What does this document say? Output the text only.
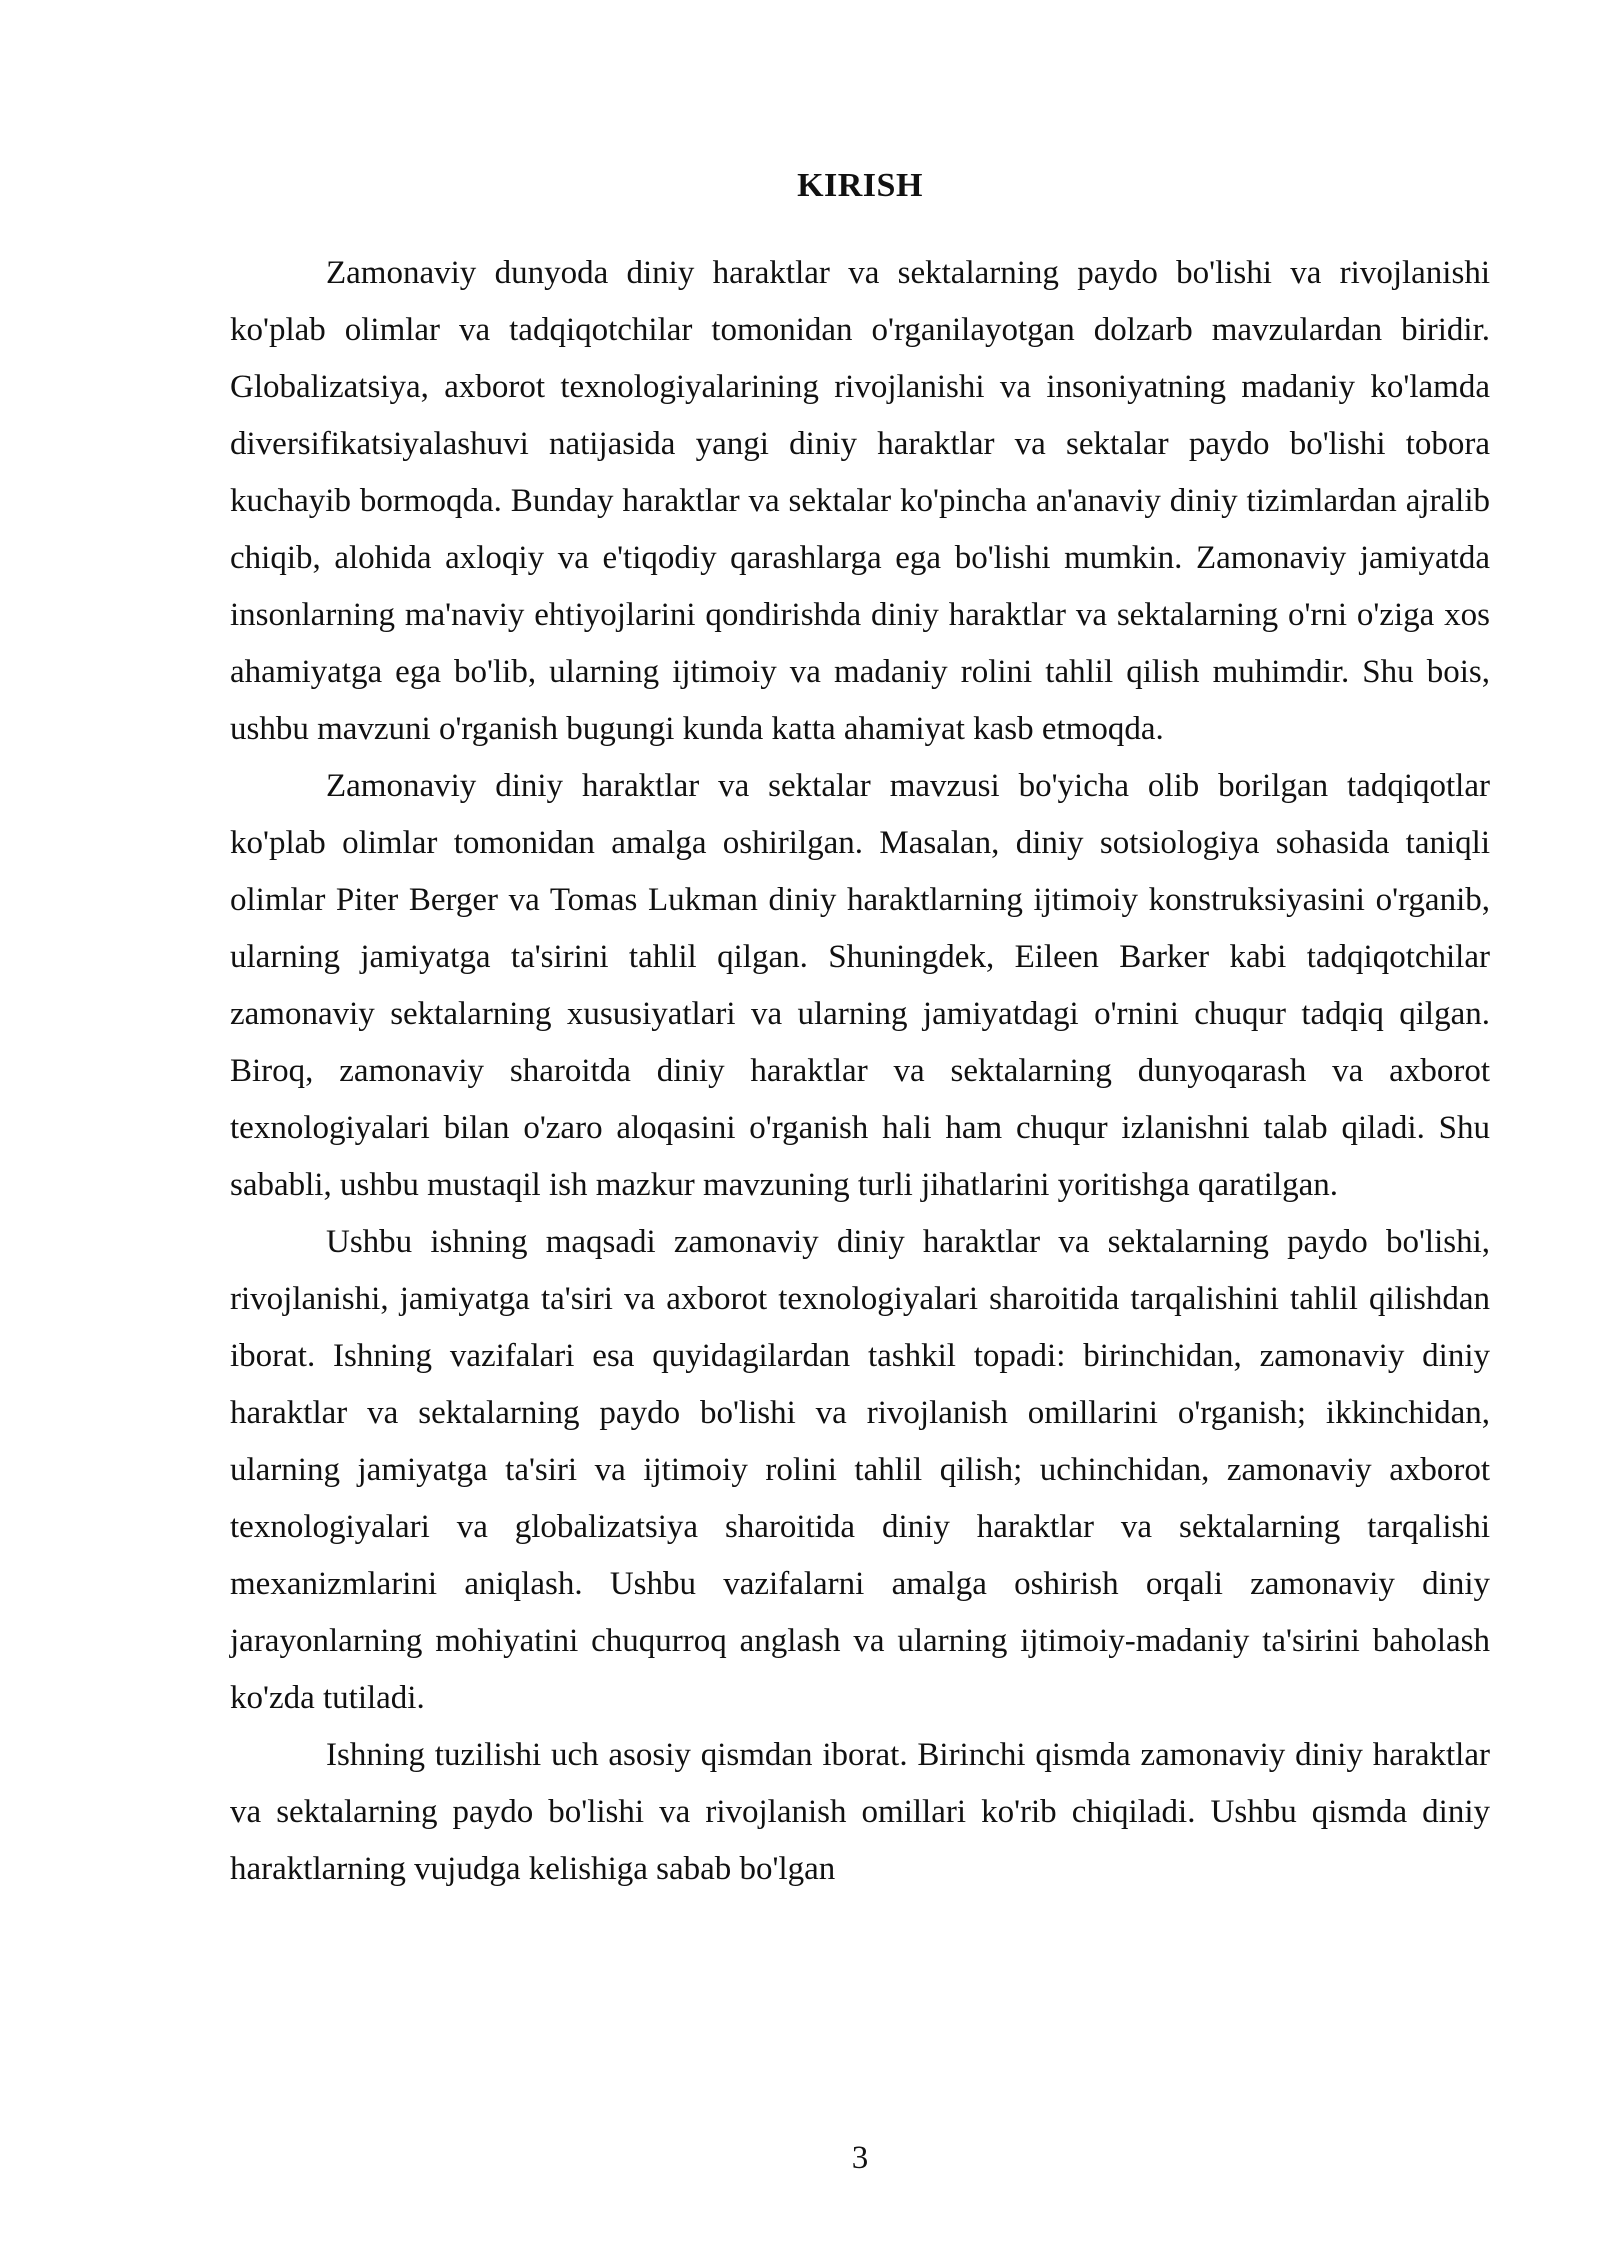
KIRISH

Zamonaviy dunyoda diniy haraktlar va sektalarning paydo bo'lishi va rivojlanishi ko'plab olimlar va tadqiqotchilar tomonidan o'rganilayotgan dolzarb mavzulardan biridir. Globalizatsiya, axborot texnologiyalarining rivojlanishi va insoniyatning madaniy ko'lamda diversifikatsiyalashuvi natijasida yangi diniy haraktlar va sektalar paydo bo'lishi tobora kuchayib bormoqda. Bunday haraktlar va sektalar ko'pincha an'anaviy diniy tizimlardan ajralib chiqib, alohida axloqiy va e'tiqodiy qarashlarga ega bo'lishi mumkin. Zamonaviy jamiyatda insonlarning ma'naviy ehtiyojlarini qondirishda diniy haraktlar va sektalarning o'rni o'ziga xos ahamiyatga ega bo'lib, ularning ijtimoiy va madaniy rolini tahlil qilish muhimdir. Shu bois, ushbu mavzuni o'rganish bugungi kunda katta ahamiyat kasb etmoqda.

Zamonaviy diniy haraktlar va sektalar mavzusi bo'yicha olib borilgan tadqiqotlar ko'plab olimlar tomonidan amalga oshirilgan. Masalan, diniy sotsiologiya sohasida taniqli olimlar Piter Berger va Tomas Lukman diniy haraktlarning ijtimoiy konstruksiyasini o'rganib, ularning jamiyatga ta'sirini tahlil qilgan. Shuningdek, Eileen Barker kabi tadqiqotchilar zamonaviy sektalarning xususiyatlari va ularning jamiyatdagi o'rnini chuqur tadqiq qilgan. Biroq, zamonaviy sharoitda diniy haraktlar va sektalarning dunyoqarash va axborot texnologiyalari bilan o'zaro aloqasini o'rganish hali ham chuqur izlanishni talab qiladi. Shu sababli, ushbu mustaqil ish mazkur mavzuning turli jihatlarini yoritishga qaratilgan.

Ushbu ishning maqsadi zamonaviy diniy haraktlar va sektalarning paydo bo'lishi, rivojlanishi, jamiyatga ta'siri va axborot texnologiyalari sharoitida tarqalishini tahlil qilishdan iborat. Ishning vazifalari esa quyidagilardan tashkil topadi: birinchidan, zamonaviy diniy haraktlar va sektalarning paydo bo'lishi va rivojlanish omillarini o'rganish; ikkinchidan, ularning jamiyatga ta'siri va ijtimoiy rolini tahlil qilish; uchinchidan, zamonaviy axborot texnologiyalari va globalizatsiya sharoitida diniy haraktlar va sektalarning tarqalishi mexanizmlarini aniqlash. Ushbu vazifalarni amalga oshirish orqali zamonaviy diniy jarayonlarning mohiyatini chuqurroq anglash va ularning ijtimoiy-madaniy ta'sirini baholash ko'zda tutiladi.

Ishning tuzilishi uch asosiy qismdan iborat. Birinchi qismda zamonaviy diniy haraktlar va sektalarning paydo bo'lishi va rivojlanish omillari ko'rib chiqiladi. Ushbu qismda diniy haraktlarning vujudga kelishiga sabab bo'lgan

3
